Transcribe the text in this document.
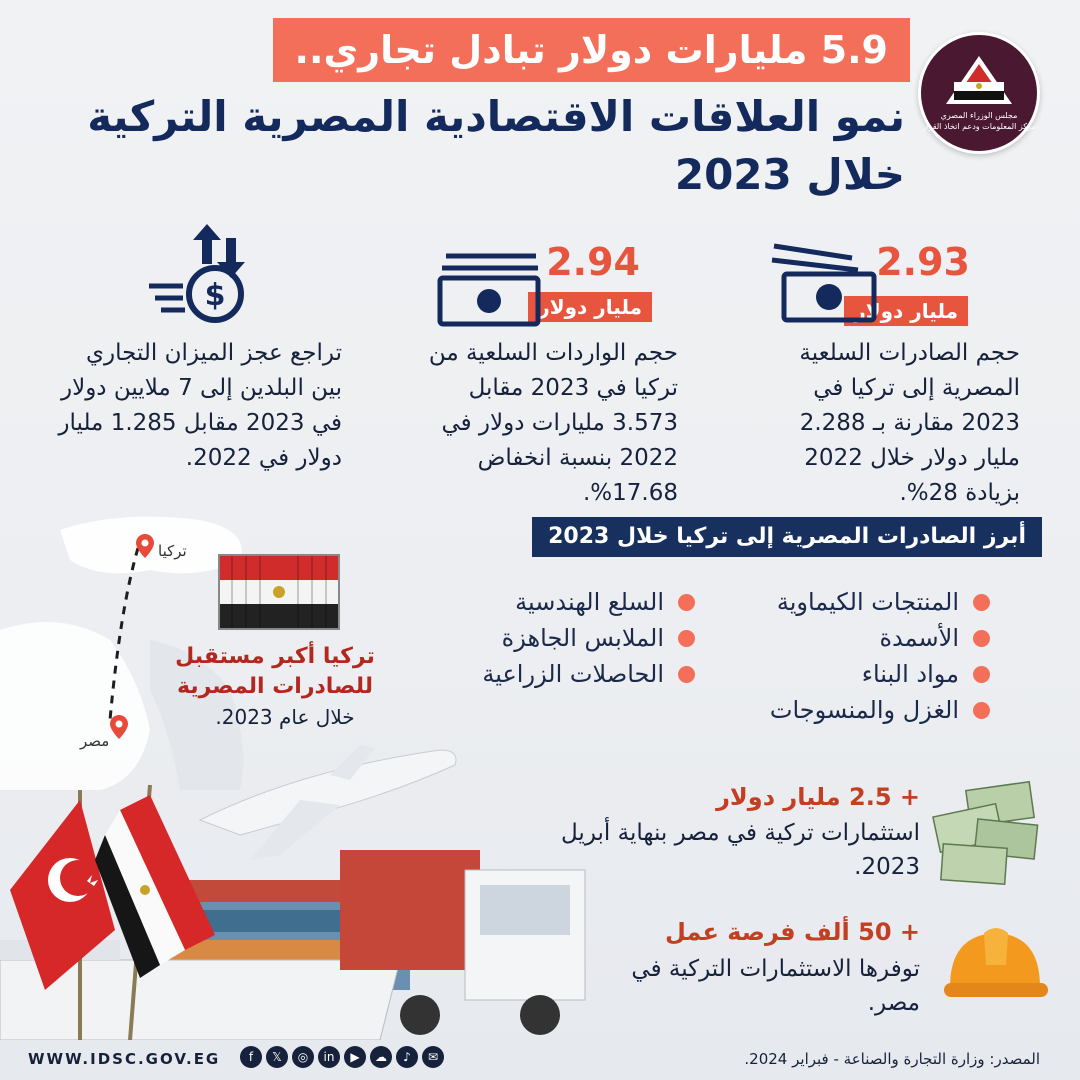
5.9 مليارات دولار تبادل تجاري..
نمو العلاقات الاقتصادية المصرية التركية
خلال 2023
مجلس الوزراء المصري
مركز المعلومات ودعم اتخاذ القرار
2.93
مليار دولار
حجم الصادرات السلعية المصرية إلى تركيا في 2023 مقارنة بـ 2.288 مليار دولار خلال 2022 بزيادة 28%.
2.94
مليار دولار
حجم الواردات السلعية من تركيا في 2023 مقابل 3.573 مليارات دولار في 2022 بنسبة انخفاض 17.68%.
$
تراجع عجز الميزان التجاري بين البلدين إلى 7 ملايين دولار في 2023 مقابل 1.285 مليار دولار في 2022.
أبرز الصادرات المصرية إلى تركيا خلال 2023
المنتجات الكيماوية
الأسمدة
مواد البناء
الغزل والمنسوجات
السلع الهندسية
الملابس الجاهزة
الحاصلات الزراعية
تركيا
مصر
تركيا أكبر مستقبل للصادرات المصرية
خلال عام 2023.
+ 2.5 مليار دولار
استثمارات تركية في مصر بنهاية أبريل 2023.
+ 50 ألف فرصة عمل
توفرها الاستثمارات التركية في مصر.
WWW.IDSC.GOV.EG	f	𝕏	◎	in	▶	☁	♪	✉	المصدر: وزارة التجارة والصناعة - فبراير 2024.
